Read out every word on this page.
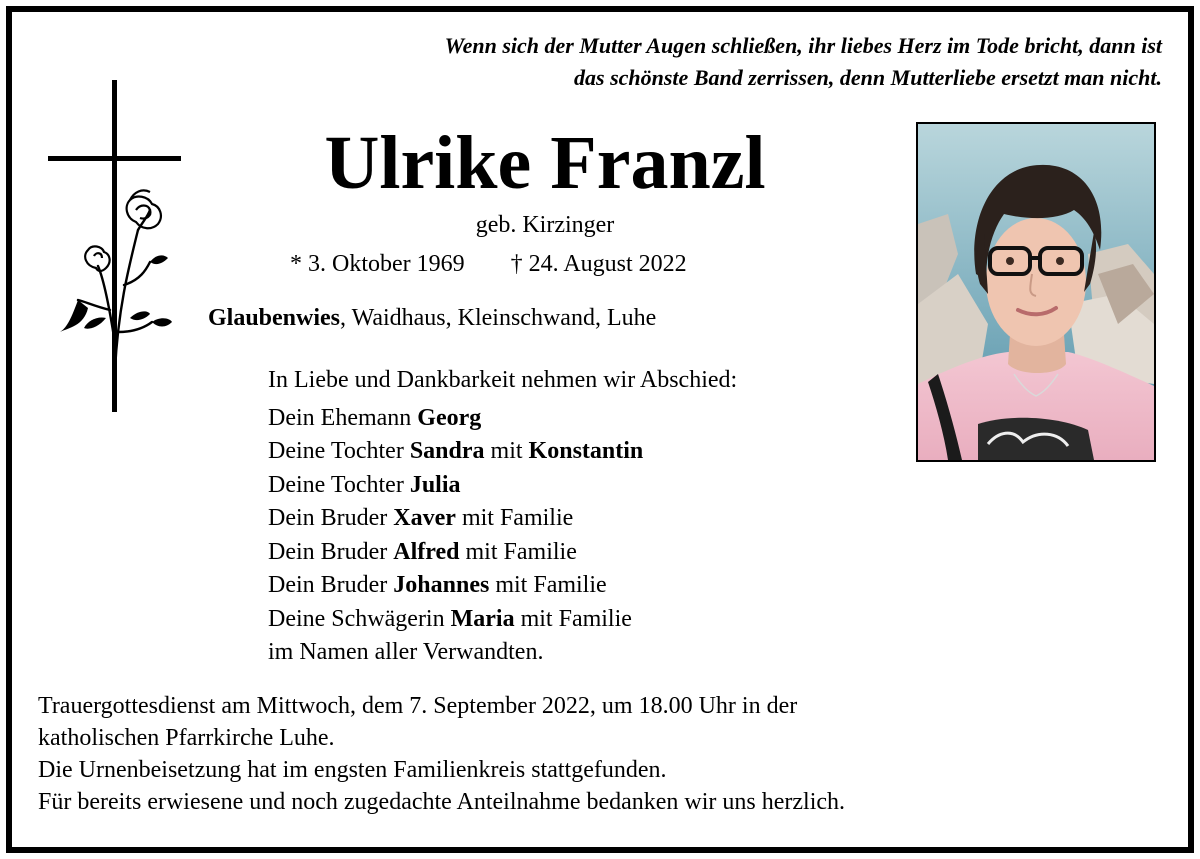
Wenn sich der Mutter Augen schließen, ihr liebes Herz im Tode bricht, dann ist
das schönste Band zerrissen, denn Mutterliebe ersetzt man nicht.
Ulrike Franzl
geb. Kirzinger
* 3. Oktober 1969 † 24. August 2022
Glaubenwies, Waidhaus, Kleinschwand, Luhe
In Liebe und Dankbarkeit nehmen wir Abschied:
Dein Ehemann Georg
Deine Tochter Sandra mit Konstantin
Deine Tochter Julia
Dein Bruder Xaver mit Familie
Dein Bruder Alfred mit Familie
Dein Bruder Johannes mit Familie
Deine Schwägerin Maria mit Familie
im Namen aller Verwandten.
Trauergottesdienst am Mittwoch, dem 7. September 2022, um 18.00 Uhr in der
katholischen Pfarrkirche Luhe.
Die Urnenbeisetzung hat im engsten Familienkreis stattgefunden.
Für bereits erwiesene und noch zugedachte Anteilnahme bedanken wir uns herzlich.
